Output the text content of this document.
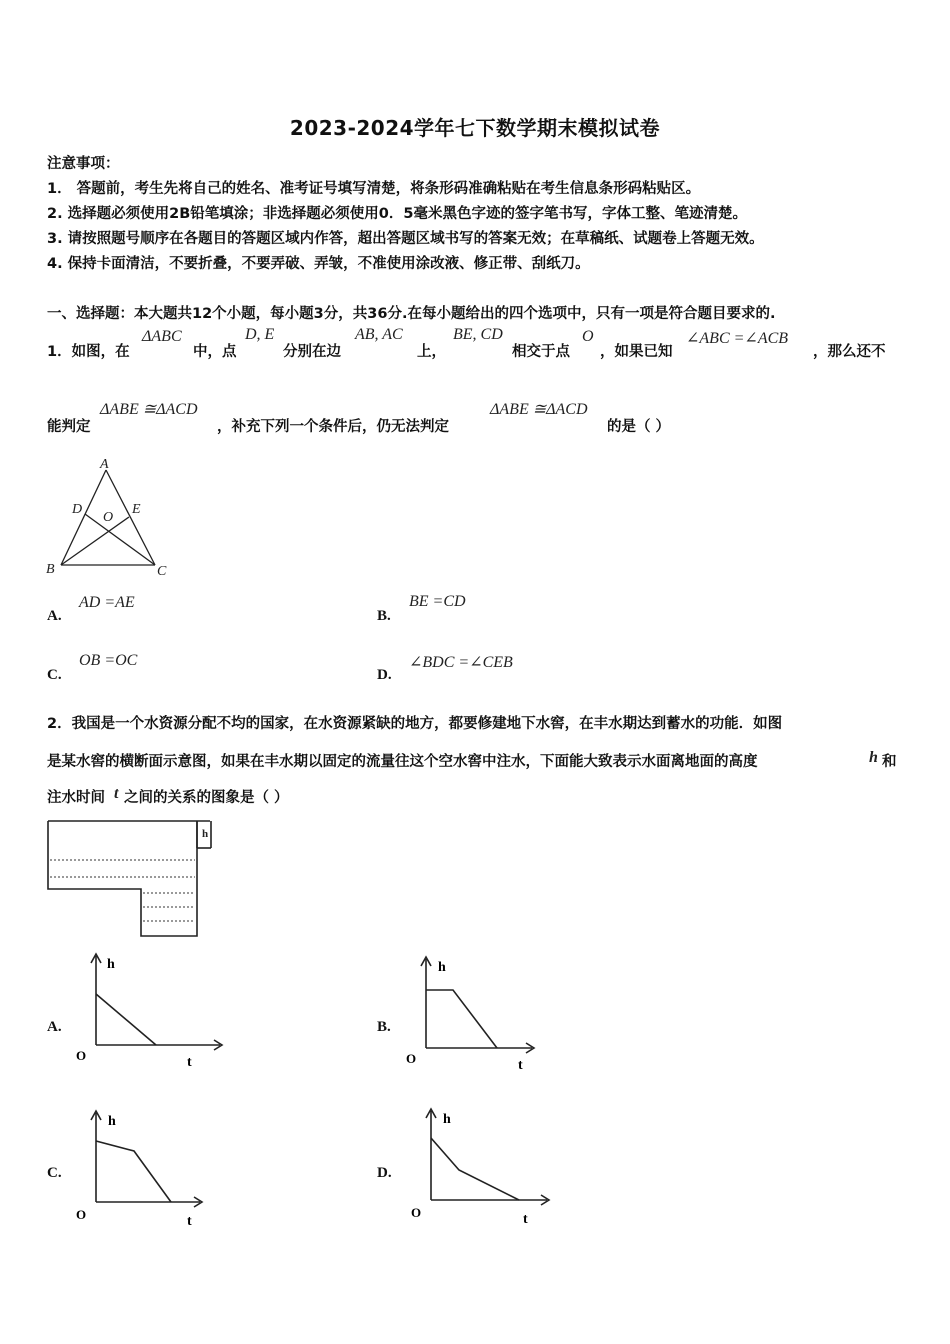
2023-2024学年七下数学期末模拟试卷
注意事项：
1． 答题前，考生先将自己的姓名、准考证号填写清楚，将条形码准确粘贴在考生信息条形码粘贴区。
2. 选择题必须使用2B铅笔填涂；非选择题必须使用0．5毫米黑色字迹的签字笔书写，字体工整、笔迹清楚。
3. 请按照题号顺序在各题目的答题区域内作答，超出答题区域书写的答案无效；在草稿纸、试题卷上答题无效。
4. 保持卡面清洁，不要折叠，不要弄破、弄皱，不准使用涂改液、修正带、刮纸刀。
一、选择题：本大题共12个小题，每小题3分，共36分.在每小题给出的四个选项中，只有一项是符合题目要求的.
1．如图，在
ΔABC
中，点
D, E
分别在边
AB, AC
上，
BE, CD
相交于点
O
，如果已知
∠ABC =∠ACB
，那么还不
能判定
ΔABE ≅ΔACD
，补充下列一个条件后，仍无法判定
ΔABE ≅ΔACD
的是（ ）
A
D
O
E
B	C
A.
AD =AE
B.
BE =CD
C.
OB =OC
D.
∠BDC =∠CEB
2．我国是一个水资源分配不均的国家，在水资源紧缺的地方，都要修建地下水窖，在丰水期达到蓄水的功能．如图
是某水窖的横断面示意图，如果在丰水期以固定的流量往这个空水窖中注水，下面能大致表示水面离地面的高度	h 和
注水时间 t 之间的关系的图象是（ ）
h
A.
h
O	t
B.
h
O	t
C.
h
O	t
D.
h
O	t
